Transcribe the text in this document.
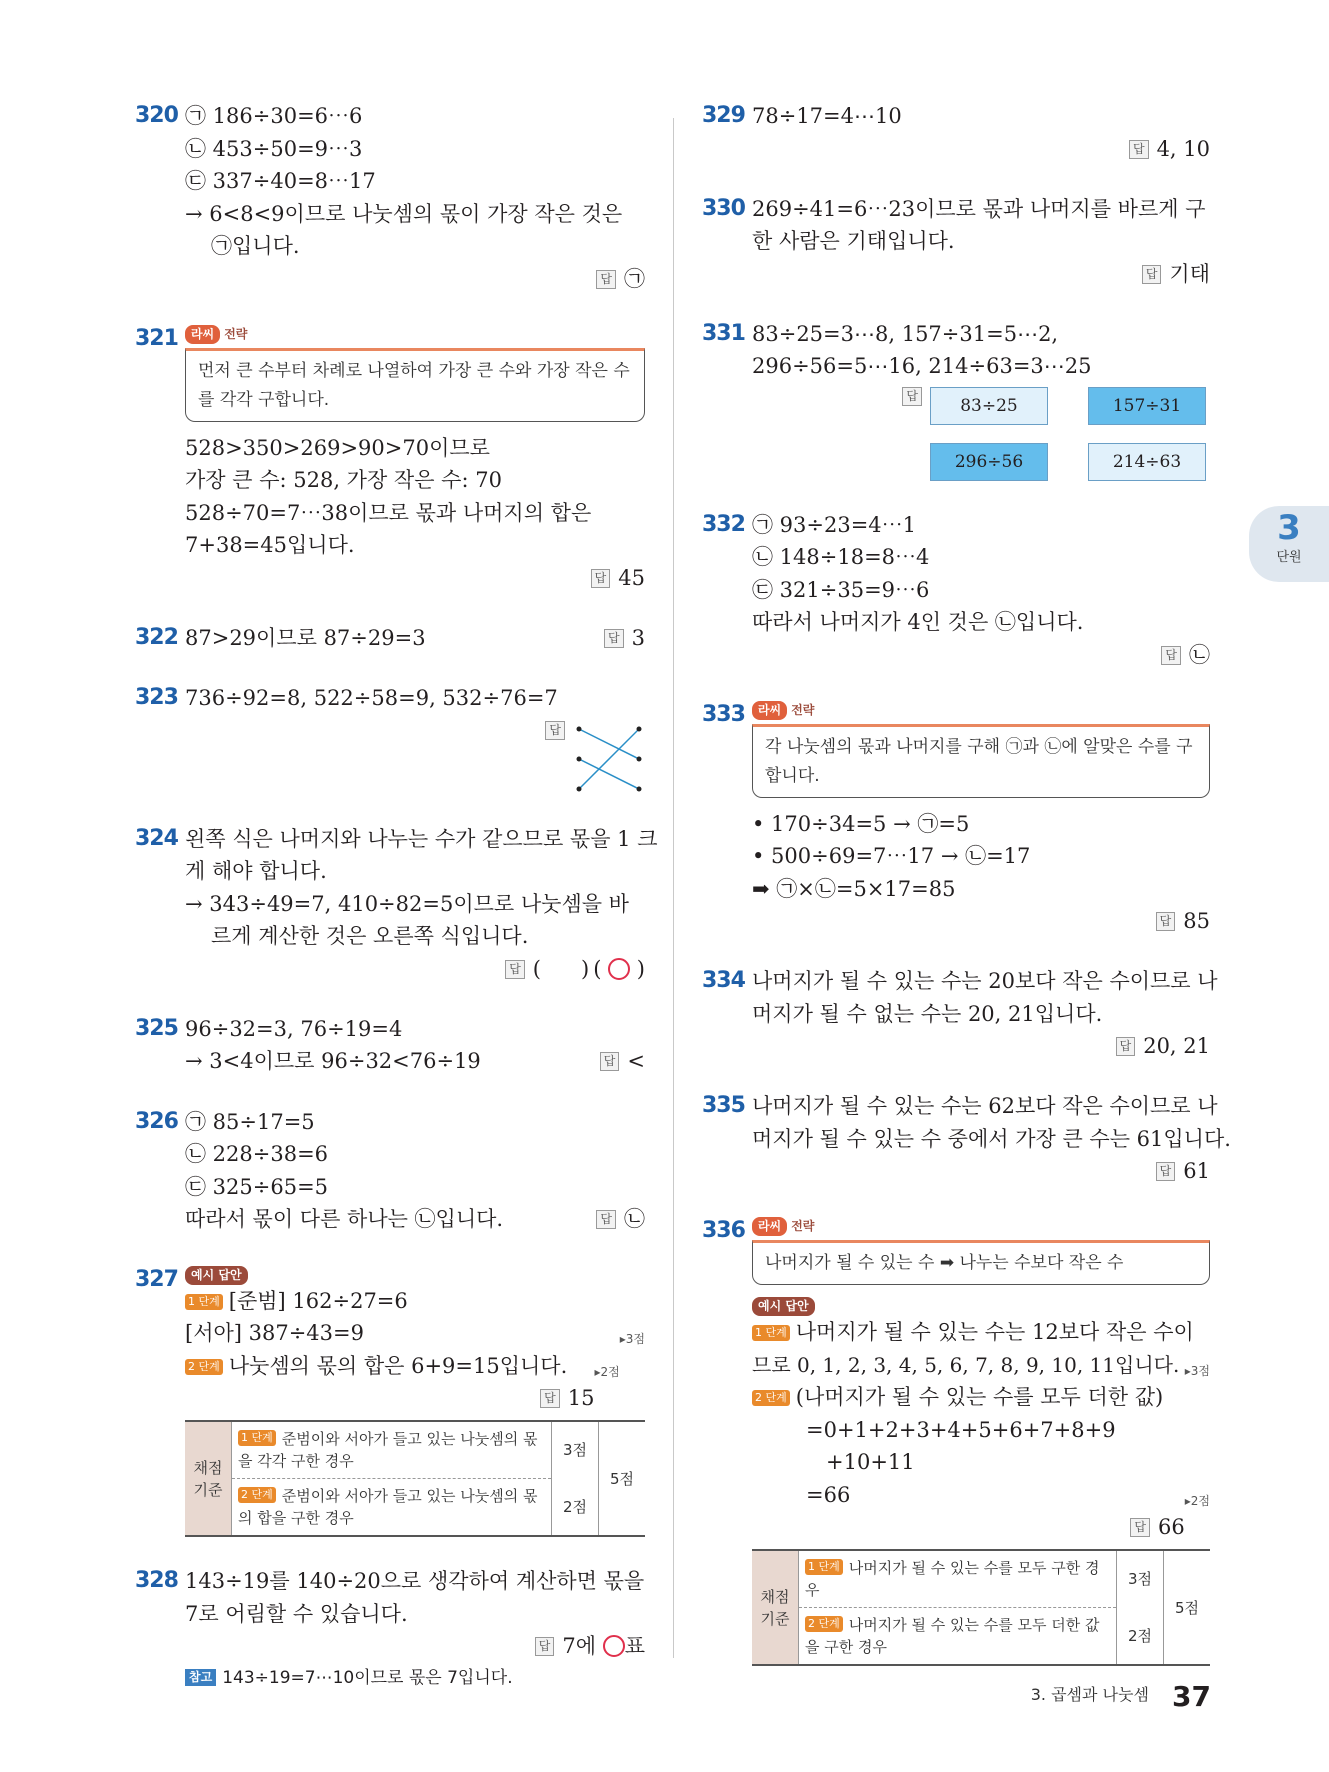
320 ㉠ 186÷30=6⋯6
㉡ 453÷50=9⋯3
㉢ 337÷40=8⋯17
→ 6<8<9이므로 나눗셈의 몫이 가장 작은 것은
㉠입니다.
답 ㉠
321	라씨 전략
먼저 큰 수부터 차례로 나열하여 가장 큰 수와 가장 작은 수를 각각 구합니다.
528>350>269>90>70이므로
가장 큰 수: 528, 가장 작은 수: 70
528÷70=7⋯38이므로 몫과 나머지의 합은
7+38=45입니다.
답 45
322 87>29이므로 87÷29=3	답 3
323 736÷92=8, 522÷58=9, 532÷76=7
답
324 왼쪽 식은 나머지와 나누는 수가 같으므로 몫을 1 크
게 해야 합니다.
→ 343÷49=7, 410÷82=5이므로 나눗셈을 바
르게 계산한 것은 오른쪽 식입니다.
답 (      ) ( ○ )
325 96÷32=3, 76÷19=4
→ 3<4이므로 96÷32<76÷19	답 <
326 ㉠ 85÷17=5
㉡ 228÷38=6
㉢ 325÷65=5
따라서 몫이 다른 하나는 ㉡입니다.	답 ㉡
327	예시 답안
1 단계 [준범] 162÷27=6
[서아] 387÷43=9	▸3점
2 단계 나눗셈의 몫의 합은 6+9=15입니다. ▸2점
답 15
채점 기준	1 단계 준범이와 서아가 들고 있는 나눗셈의 몫을 각각 구한 경우	3점	5점
	2 단계 준범이와 서아가 들고 있는 나눗셈의 몫의 합을 구한 경우	2점	
328 143÷19를 140÷20으로 생각하여 계산하면 몫을
7로 어림할 수 있습니다.
답 7에 ○표
참고 143÷19=7⋯10이므로 몫은 7입니다.
329 78÷17=4⋯10
답 4, 10
330 269÷41=6⋯23이므로 몫과 나머지를 바르게 구
한 사람은 기태입니다.
답 기태
331 83÷25=3⋯8, 157÷31=5⋯2,
296÷56=5⋯16, 214÷63=3⋯25
답	83÷25	157÷31
296÷56	214÷63
332 ㉠ 93÷23=4⋯1
㉡ 148÷18=8⋯4
㉢ 321÷35=9⋯6
따라서 나머지가 4인 것은 ㉡입니다.
답 ㉡
333	라씨 전략
각 나눗셈의 몫과 나머지를 구해 ㉠과 ㉡에 알맞은 수를 구합니다.
• 170÷34=5 → ㉠=5
• 500÷69=7⋯17 → ㉡=17
➡ ㉠×㉡=5×17=85
답 85
334 나머지가 될 수 있는 수는 20보다 작은 수이므로 나
머지가 될 수 없는 수는 20, 21입니다.
답 20, 21
335 나머지가 될 수 있는 수는 62보다 작은 수이므로 나
머지가 될 수 있는 수 중에서 가장 큰 수는 61입니다.
답 61
336	라씨 전략
나머지가 될 수 있는 수 ➡ 나누는 수보다 작은 수
예시 답안
1 단계 나머지가 될 수 있는 수는 12보다 작은 수이
므로 0, 1, 2, 3, 4, 5, 6, 7, 8, 9, 10, 11입니다. ▸3점
2 단계 (나머지가 될 수 있는 수를 모두 더한 값)
=0+1+2+3+4+5+6+7+8+9
+10+11
=66	▸2점
답 66
채점 기준	1 단계 나머지가 될 수 있는 수를 모두 구한 경우	3점	5점
	2 단계 나머지가 될 수 있는 수를 모두 더한 값을 구한 경우	2점	
3
단원
3. 곱셈과 나눗셈 37
